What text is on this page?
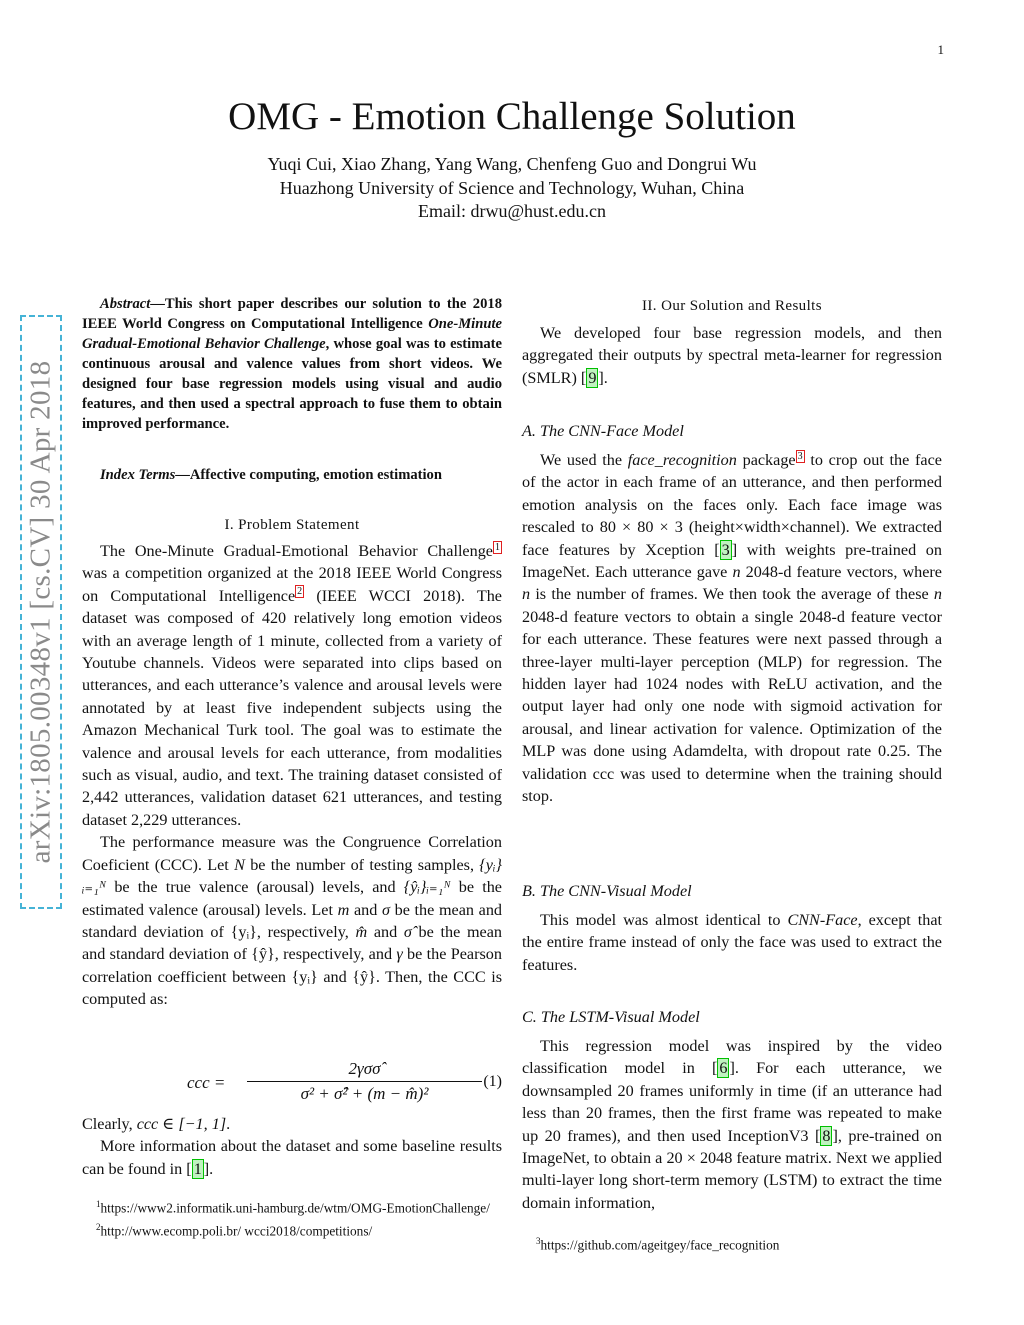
1
OMG - Emotion Challenge Solution
Yuqi Cui, Xiao Zhang, Yang Wang, Chenfeng Guo and Dongrui Wu
Huazhong University of Science and Technology, Wuhan, China
Email: drwu@hust.edu.cn
arXiv:1805.00348v1 [cs.CV] 30 Apr 2018

Abstract—This short paper describes our solution to the 2018 IEEE World Congress on Computational Intelligence One-Minute Gradual-Emotional Behavior Challenge, whose goal was to estimate continuous arousal and valence values from short videos. We designed four base regression models using visual and audio features, and then used a spectral approach to fuse them to obtain improved performance.

Index Terms—Affective computing, emotion estimation

I. Problem Statement

The One-Minute Gradual-Emotional Behavior Challenge $^1$ was a competition organized at the 2018 IEEE World Congress on Computational Intelligence $^2$ (IEEE WCCI 2018). The dataset was composed of 420 relatively long emotion videos with an average length of 1 minute, collected from a variety of Youtube channels. Videos were separated into clips based on utterances, and each utterance’s valence and arousal levels were annotated by at least five independent subjects using the Amazon Mechanical Turk tool. The goal was to estimate the valence and arousal levels for each utterance, from modalities such as visual, audio, and text. The training dataset consisted of 2,442 utterances, validation dataset 621 utterances, and testing dataset 2,229 utterances.

The performance measure was the Congruence Correlation Coeficient (CCC). Let N be the number of testing samples, {yᵢ}ᵢ₌₁ᴺ be the true valence (arousal) levels, and {ŷᵢ}ᵢ₌₁ᴺ be the estimated valence (arousal) levels. Let m and σ be the mean and standard deviation of {yᵢ}, respectively, m̂ and σ̂ be the mean and standard deviation of {ŷ}, respectively, and γ be the Pearson correlation coefficient between {yᵢ} and {ŷ}. Then, the CCC is computed as:

ccc =
2γσσ̂
σ² + σ̂² + (m − m̂)²
(1)

Clearly, ccc ∈ [−1, 1].

More information about the dataset and some baseline results can be found in [ 1 ].

$^1$https://www2.informatik.uni-hamburg.de/wtm/OMG-EmotionChallenge/

$^2$http://www.ecomp.poli.br/ wcci2018/competitions/

II. Our Solution and Results

We developed four base regression models, and then aggregated their outputs by spectral meta-learner for regression (SMLR) [ 9 ].

A. The CNN-Face Model

We used the face_recognition package $^3$ to crop out the face of the actor in each frame of an utterance, and then performed emotion analysis on the faces only. Each face image was rescaled to 80 × 80 × 3 (height×width×channel). We extracted face features by Xception [ 3 ] with weights pre-trained on ImageNet. Each utterance gave n 2048-d feature vectors, where n is the number of frames. We then took the average of these n 2048-d feature vectors to obtain a single 2048-d feature vector for each utterance. These features were next passed through a three-layer multi-layer perception (MLP) for regression. The hidden layer had 1024 nodes with ReLU activation, and the output layer had only one node with sigmoid activation for arousal, and linear activation for valence. Optimization of the MLP was done using Adamdelta, with dropout rate 0.25. The validation ccc was used to determine when the training should stop.

B. The CNN-Visual Model

This model was almost identical to CNN-Face, except that the entire frame instead of only the face was used to extract the features.

C. The LSTM-Visual Model

This regression model was inspired by the video classification model in [ 6 ]. For each utterance, we downsampled 20 frames uniformly in time (if an utterance had less than 20 frames, then the first frame was repeated to make up 20 frames), and then used InceptionV3 [ 8 ], pre-trained on ImageNet, to obtain a 20 × 2048 feature matrix. Next we applied multi-layer long short-term memory (LSTM) to extract the time domain information,

$^3$https://github.com/ageitgey/face_recognition
